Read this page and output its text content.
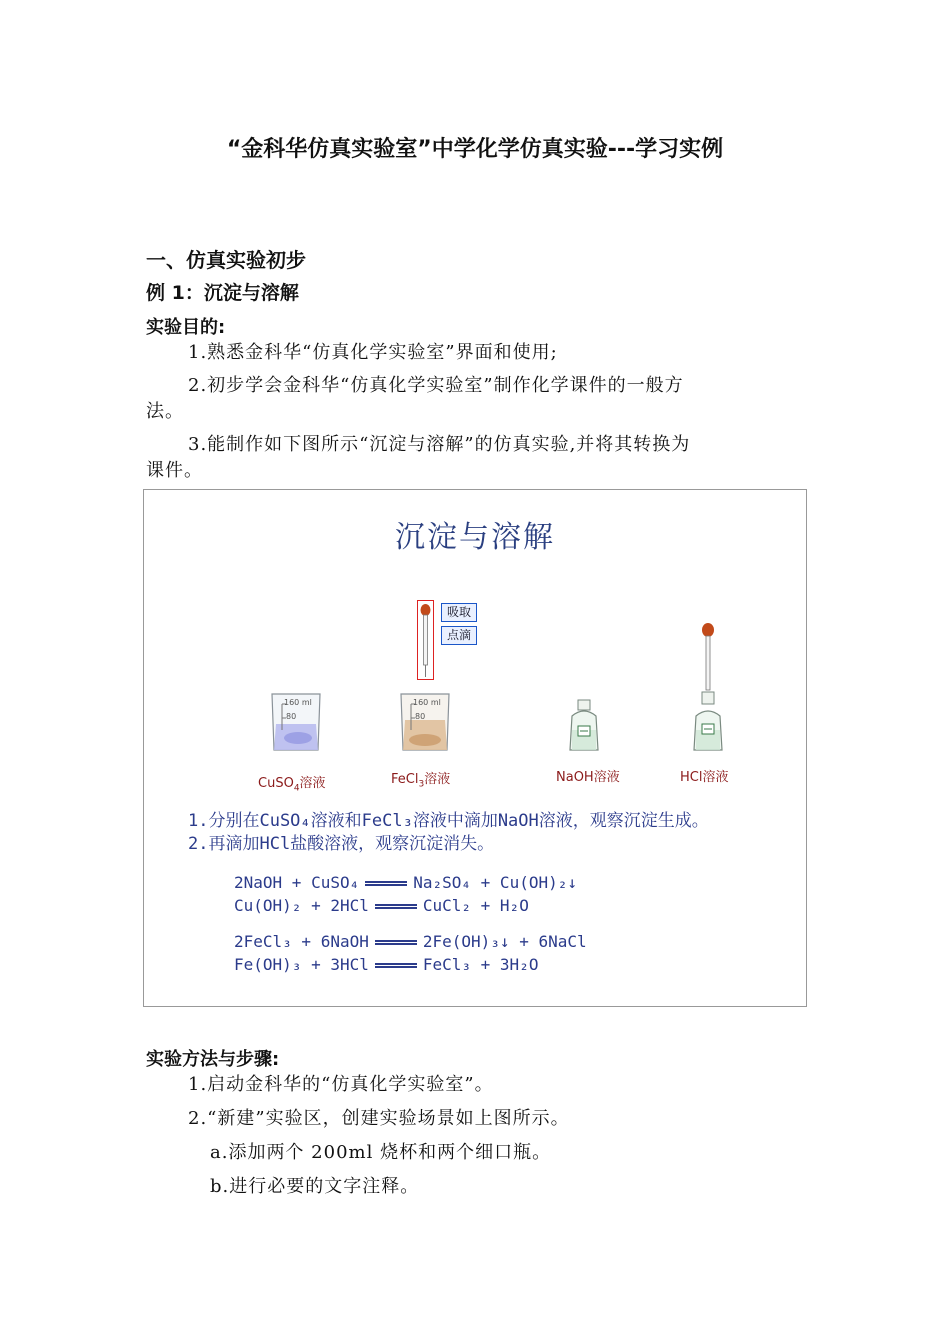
“金科华仿真实验室”中学化学仿真实验---学习实例
一、仿真实验初步
例 1：沉淀与溶解
实验目的:
1.熟悉金科华“仿真化学实验室”界面和使用;
2.初步学会金科华“仿真化学实验室”制作化学课件的一般方
法。
3.能制作如下图所示“沉淀与溶解”的仿真实验,并将其转换为
课件。
沉淀与溶解
吸取
点滴
160 ml
80
160 ml
80
CuSO$_4$溶液	FeCl$_3$溶液	NaOH溶液	HCl溶液
1.分别在CuSO₄溶液和FeCl₃溶液中滴加NaOH溶液，观察沉淀生成。
2.再滴加HCl盐酸溶液，观察沉淀消失。
2NaOH + CuSO₄	Na₂SO₄ + Cu(OH)₂↓
Cu(OH)₂ + 2HCl	CuCl₂ + H₂O
2FeCl₃ + 6NaOH	2Fe(OH)₃↓ + 6NaCl
Fe(OH)₃ + 3HCl	FeCl₃ + 3H₂O
实验方法与步骤:
1.启动金科华的“仿真化学实验室”。
2.“新建”实验区，创建实验场景如上图所示。
a.添加两个 200ml 烧杯和两个细口瓶。
b.进行必要的文字注释。
